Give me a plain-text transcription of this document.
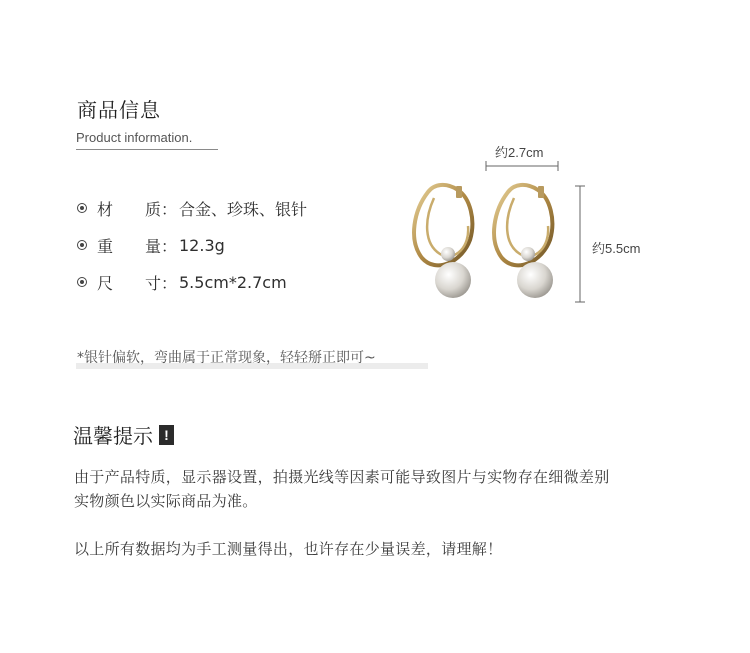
商品信息
Product information.
材　　质： 合金、珍珠、银针
重　　量： 12.3g
尺　　寸： 5.5cm*2.7cm
约2.7cm
约5.5cm
*银针偏软，弯曲属于正常现象，轻轻掰正即可~
温馨提示 !
由于产品特质，显示器设置，拍摄光线等因素可能导致图片与实物存在细微差别
实物颜色以实际商品为准。
以上所有数据均为手工测量得出，也许存在少量误差，请理解！
